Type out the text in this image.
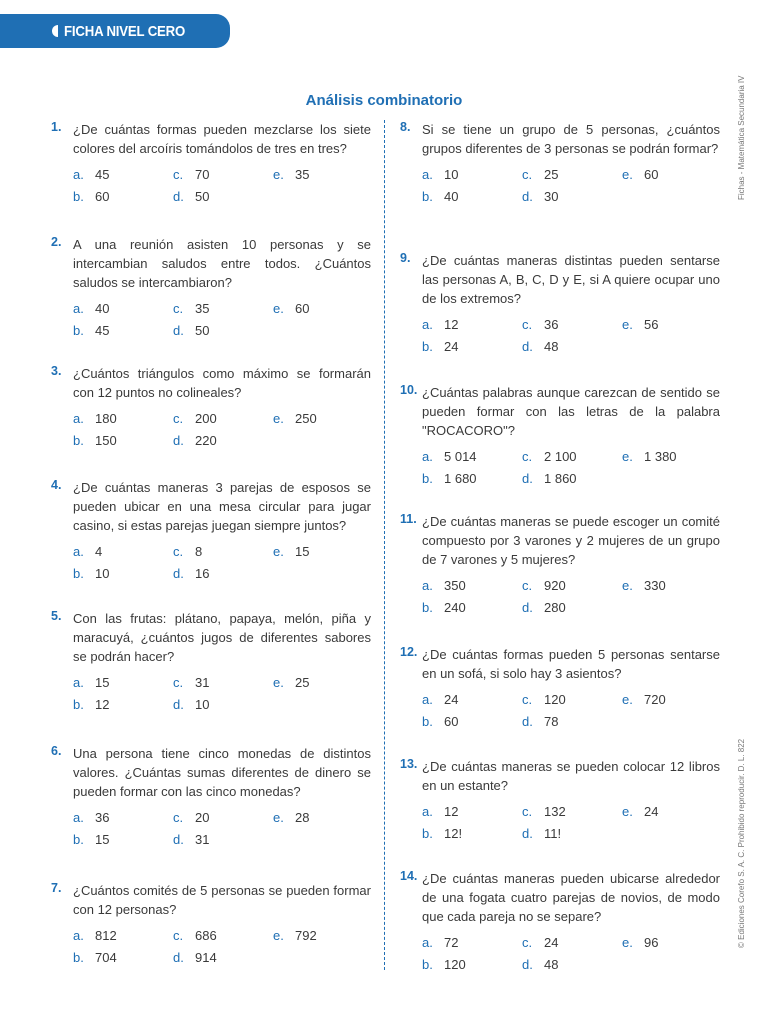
FICHA NIVEL CERO
Análisis combinatorio	Fichas - Matemática Secundaria IV
© Ediciones Corefo S. A. C. Prohibido reproducir. D. L. 822
1. ¿De cuántas formas pueden mezclarse los siete colores del arcoíris tomándolos de tres en tres?
a. 45	c. 70	e. 35
b. 60	d. 50
2. A una reunión asisten 10 personas y se intercambian saludos entre todos. ¿Cuántos saludos se intercambiaron?
a. 40	c. 35	e. 60
b. 45	d. 50
3. ¿Cuántos triángulos como máximo se formarán con 12 puntos no colineales?
a. 180	c. 200	e. 250
b. 150	d. 220
4. ¿De cuántas maneras 3 parejas de esposos se pueden ubicar en una mesa circular para jugar casino, si estas parejas juegan siempre juntos?
a. 4	c. 8	e. 15
b. 10	d. 16
5. Con las frutas: plátano, papaya, melón, piña y maracuyá, ¿cuántos jugos de diferentes sabores se podrán hacer?
a. 15	c. 31	e. 25
b. 12	d. 10
6. Una persona tiene cinco monedas de distintos valores. ¿Cuántas sumas diferentes de dinero se pueden formar con las cinco monedas?
a. 36	c. 20	e. 28
b. 15	d. 31
7. ¿Cuántos comités de 5 personas se pueden formar con 12 personas?
a. 812	c. 686	e. 792
b. 704	d. 914
8. Si se tiene un grupo de 5 personas, ¿cuántos grupos diferentes de 3 personas se podrán formar?
a. 10	c. 25	e. 60
b. 40	d. 30
9. ¿De cuántas maneras distintas pueden sentarse las personas A, B, C, D y E, si A quiere ocupar uno de los extremos?
a. 12	c. 36	e. 56
b. 24	d. 48
10. ¿Cuántas palabras aunque carezcan de sentido se pueden formar con las letras de la palabra "ROCACORO"?
a. 5 014	c. 2 100	e. 1 380
b. 1 680	d. 1 860
11. ¿De cuántas maneras se puede escoger un comité compuesto por 3 varones y 2 mujeres de un grupo de 7 varones y 5 mujeres?
a. 350	c. 920	e. 330
b. 240	d. 280
12. ¿De cuántas formas pueden 5 personas sentarse en un sofá, si solo hay 3 asientos?
a. 24	c. 120	e. 720
b. 60	d. 78
13. ¿De cuántas maneras se pueden colocar 12 libros en un estante?
a. 12	c. 132	e. 24
b. 12!	d. 11!
14. ¿De cuántas maneras pueden ubicarse alrededor de una fogata cuatro parejas de novios, de modo que cada pareja no se separe?
a. 72	c. 24	e. 96
b. 120	d. 48
